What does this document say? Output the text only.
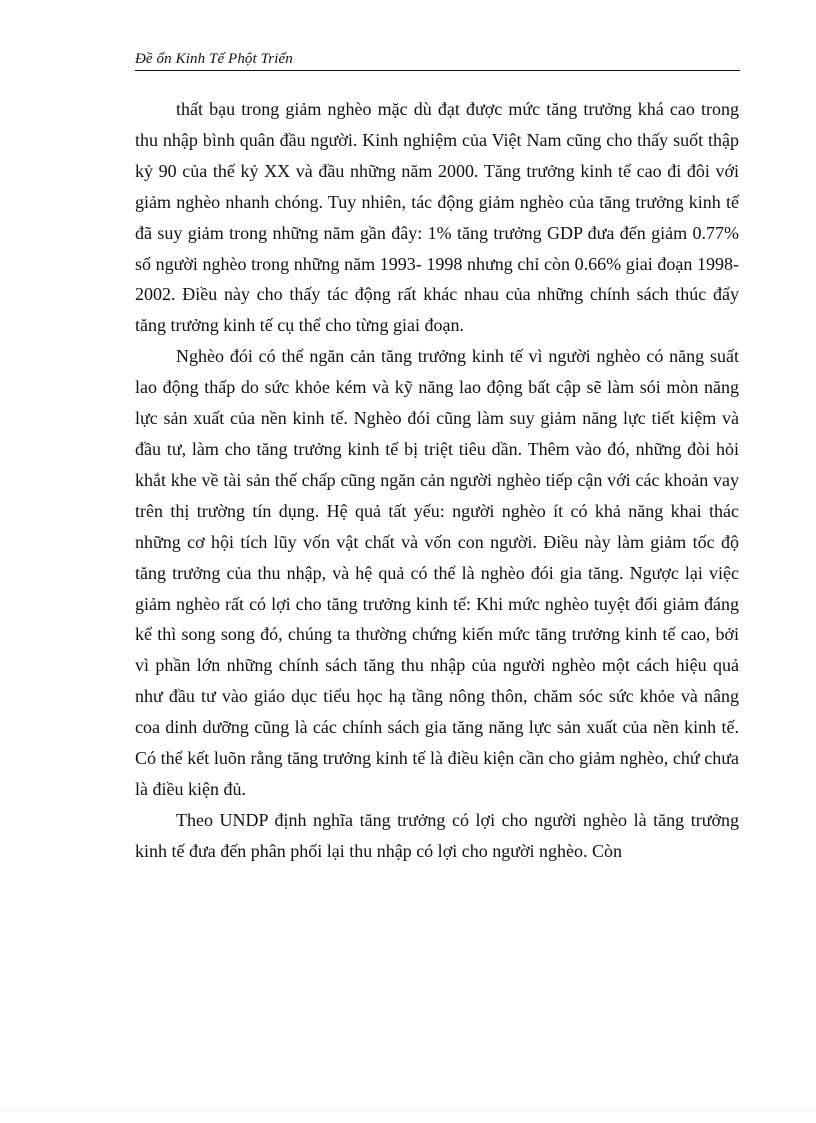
Đề ổn Kinh Tế Phột Triển

thất bạu trong giảm nghèo mặc dù đạt được mức tăng trưởng khá cao trong thu nhập bình quân đầu người. Kinh nghiệm của Việt Nam cũng cho thấy suốt thập kỷ 90 của thế kỷ XX và đầu những năm 2000. Tăng trưởng kinh tế cao đi đôi với giảm nghèo nhanh chóng. Tuy nhiên, tác động giảm nghèo của tăng trưởng kinh tế đã suy giảm trong những năm gần đây: 1% tăng trưởng GDP đưa đến giảm 0.77% số người nghèo trong những năm 1993- 1998 nhưng chỉ còn 0.66% giai đoạn 1998-2002. Điều này cho thấy tác động rất khác nhau của những chính sách thúc đẩy tăng trưởng kinh tế cụ thể cho từng giai đoạn.

Nghèo đói có thể ngăn cản tăng trưởng kinh tế vì người nghèo có năng suất lao động thấp do sức khỏe kém và kỹ năng lao động bất cập sẽ làm sói mòn năng lực sản xuất của nền kinh tế. Nghèo đói cũng làm suy giảm năng lực tiết kiệm và đầu tư, làm cho tăng trưởng kinh tế bị triệt tiêu dần. Thêm vào đó, những đòi hỏi khắt khe về tài sản thế chấp cũng ngăn cản người nghèo tiếp cận với các khoản vay trên thị trường tín dụng. Hệ quả tất yếu: người nghèo ít có khả năng khai thác những cơ hội tích lũy vốn vật chất và vốn con người. Điều này làm giảm tốc độ tăng trưởng của thu nhập, và hệ quả có thể là nghèo đói gia tăng. Ngược lại việc giảm nghèo rất có lợi cho tăng trưởng kinh tế: Khi mức nghèo tuyệt đối giảm đáng kể thì song song đó, chúng ta thường chứng kiến mức tăng trưởng kinh tế cao, bởi vì phần lớn những chính sách tăng thu nhập của người nghèo một cách hiệu quả như đầu tư vào giáo dục tiểu học hạ tầng nông thôn, chăm sóc sức khỏe và nâng coa dinh dưỡng cũng là các chính sách gia tăng năng lực sản xuất của nền kinh tế. Có thể kết luõn rằng tăng trưởng kinh tế là điều kiện cần cho giảm nghèo, chứ chưa là điều kiện đủ.

Theo UNDP định nghĩa tăng trưởng có lợi cho người nghèo là tăng trưởng kinh tế đưa đến phân phối lại thu nhập có lợi cho người nghèo. Còn
